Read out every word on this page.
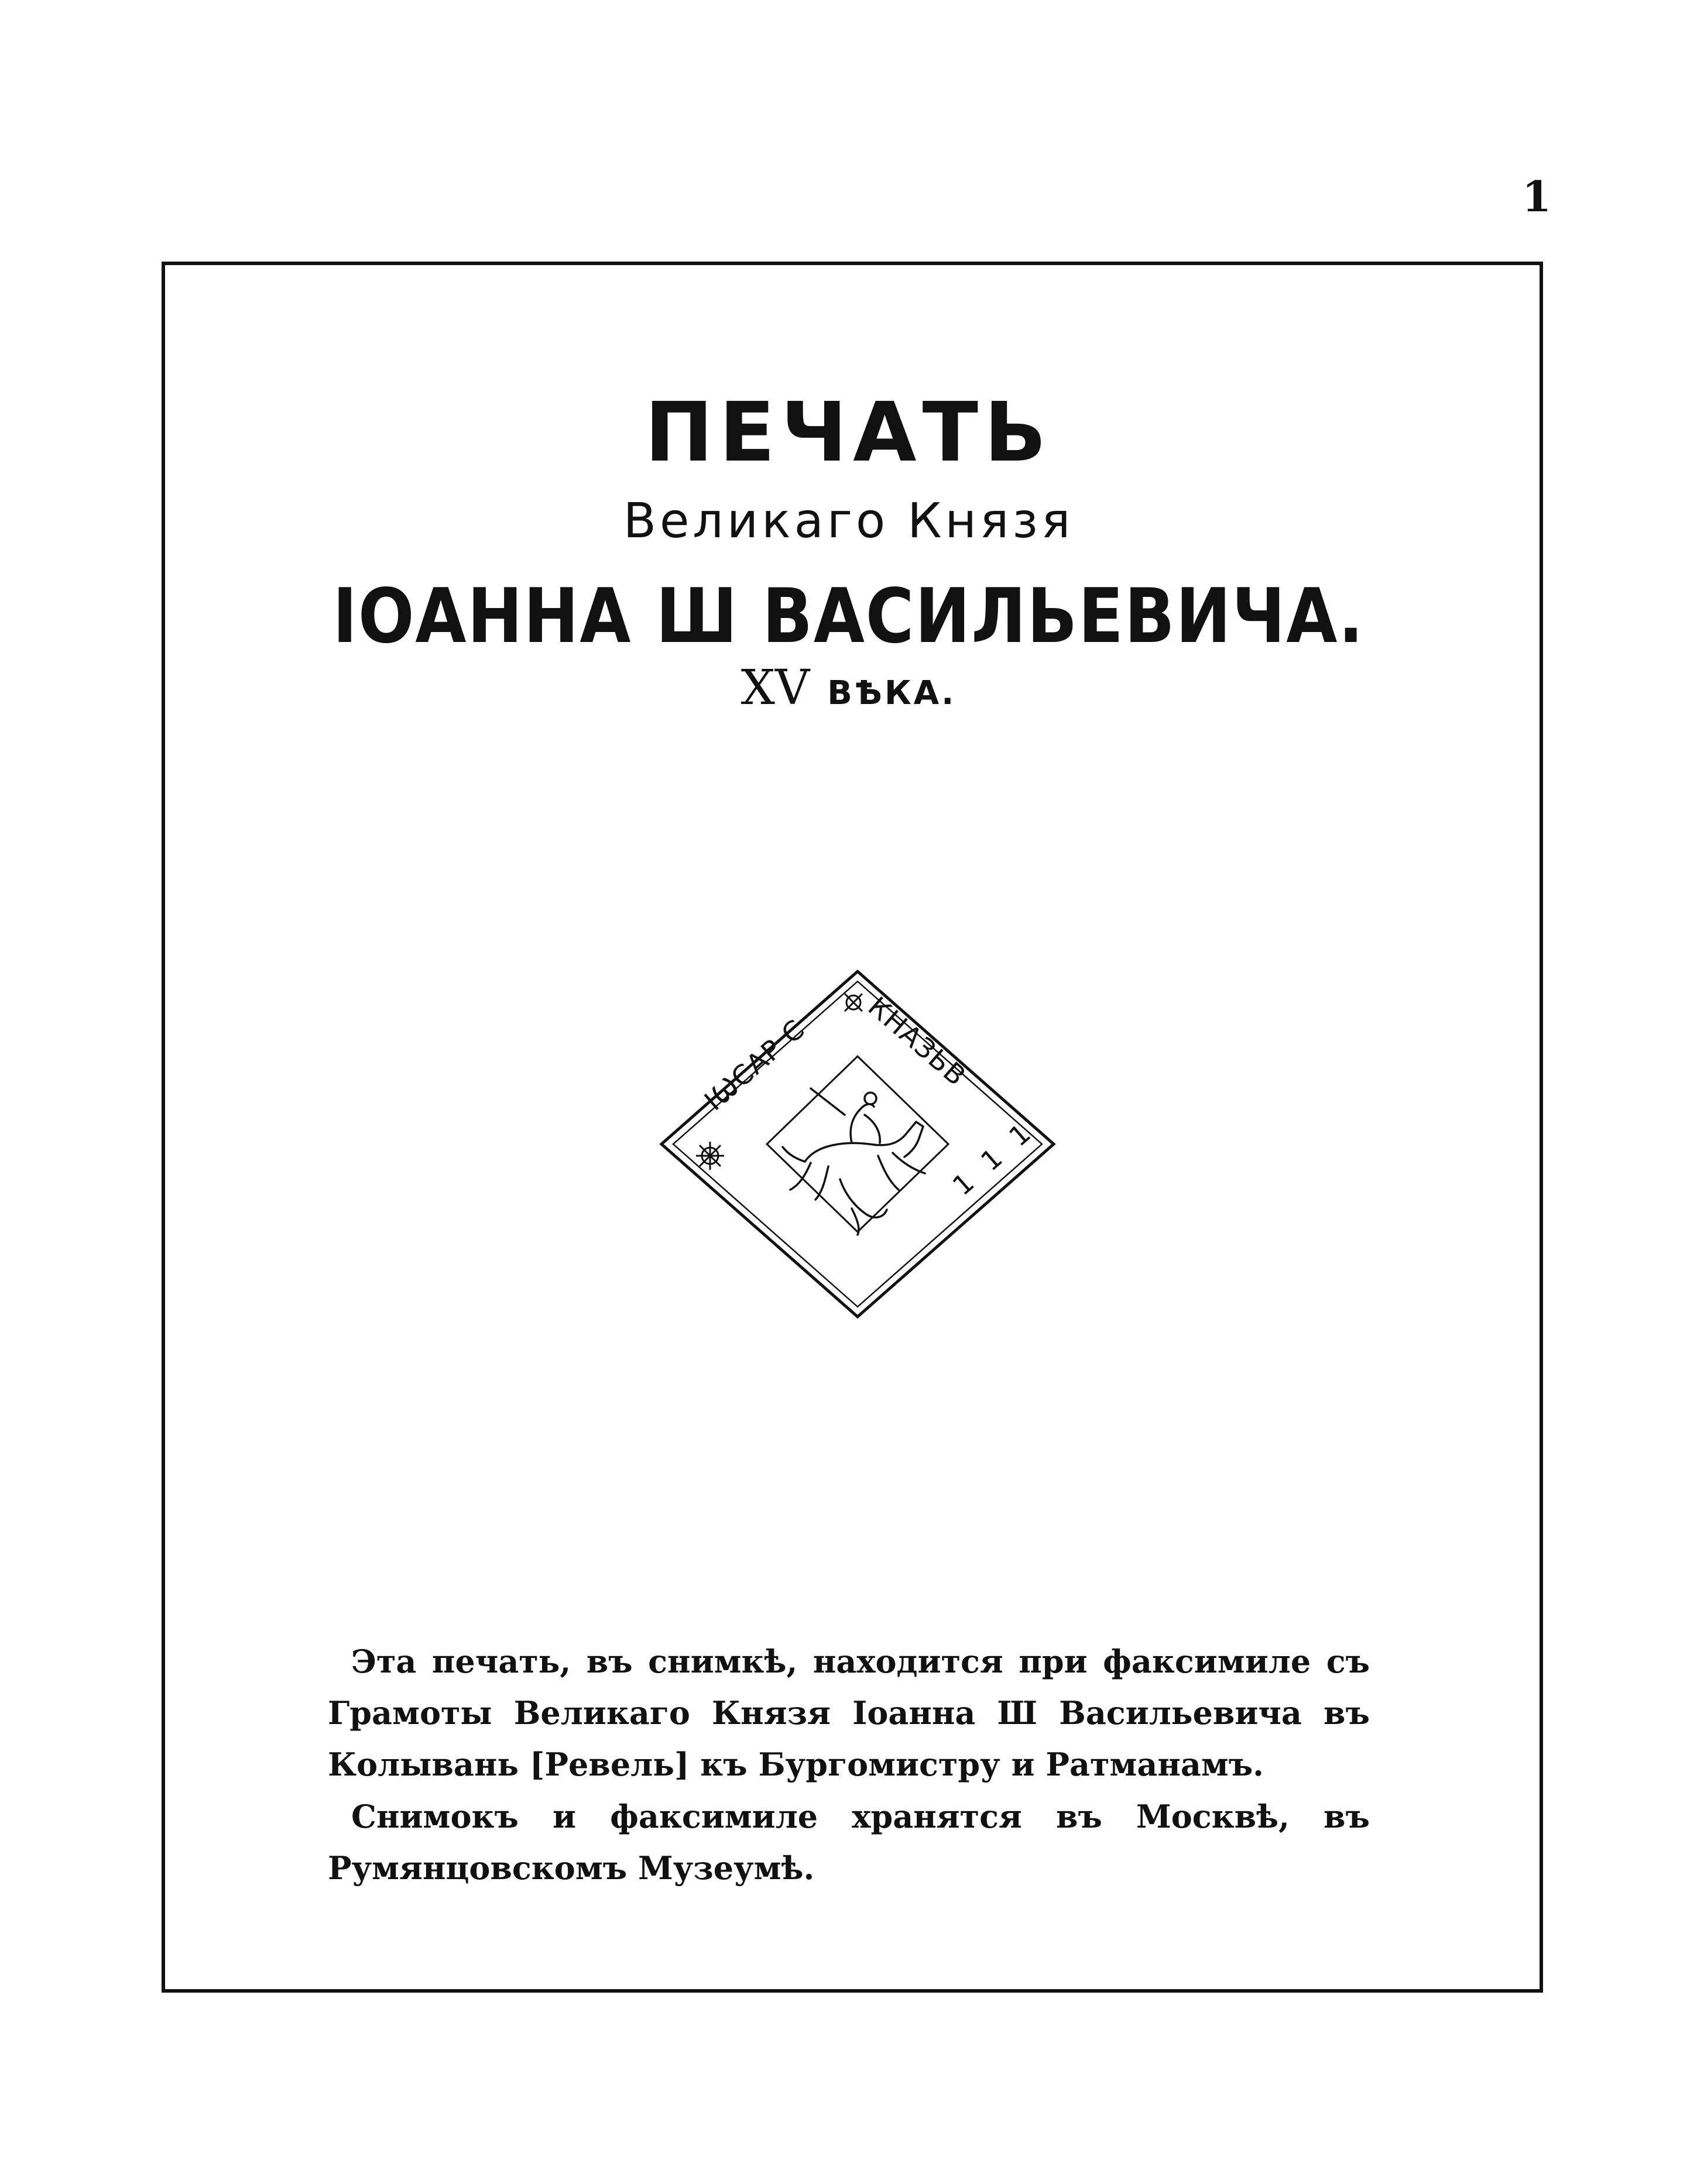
1
ПЕЧАТЬ
Великаго Князя
ІОАННА Ш ВАСИЛЬЕВИЧА.
XV ВѢКА.
ІѠСАР С КНАЗЬВ
1 1 1

Эта печать, въ снимкѣ, находится при факсимиле съ Грамоты Великаго Князя Іоанна Ш Васильевича въ Колывань [Ревель] къ Бургомистру и Ратманамъ.

Снимокъ и факсимиле хранятся въ Москвѣ, въ Румянцовскомъ Музеумѣ.
